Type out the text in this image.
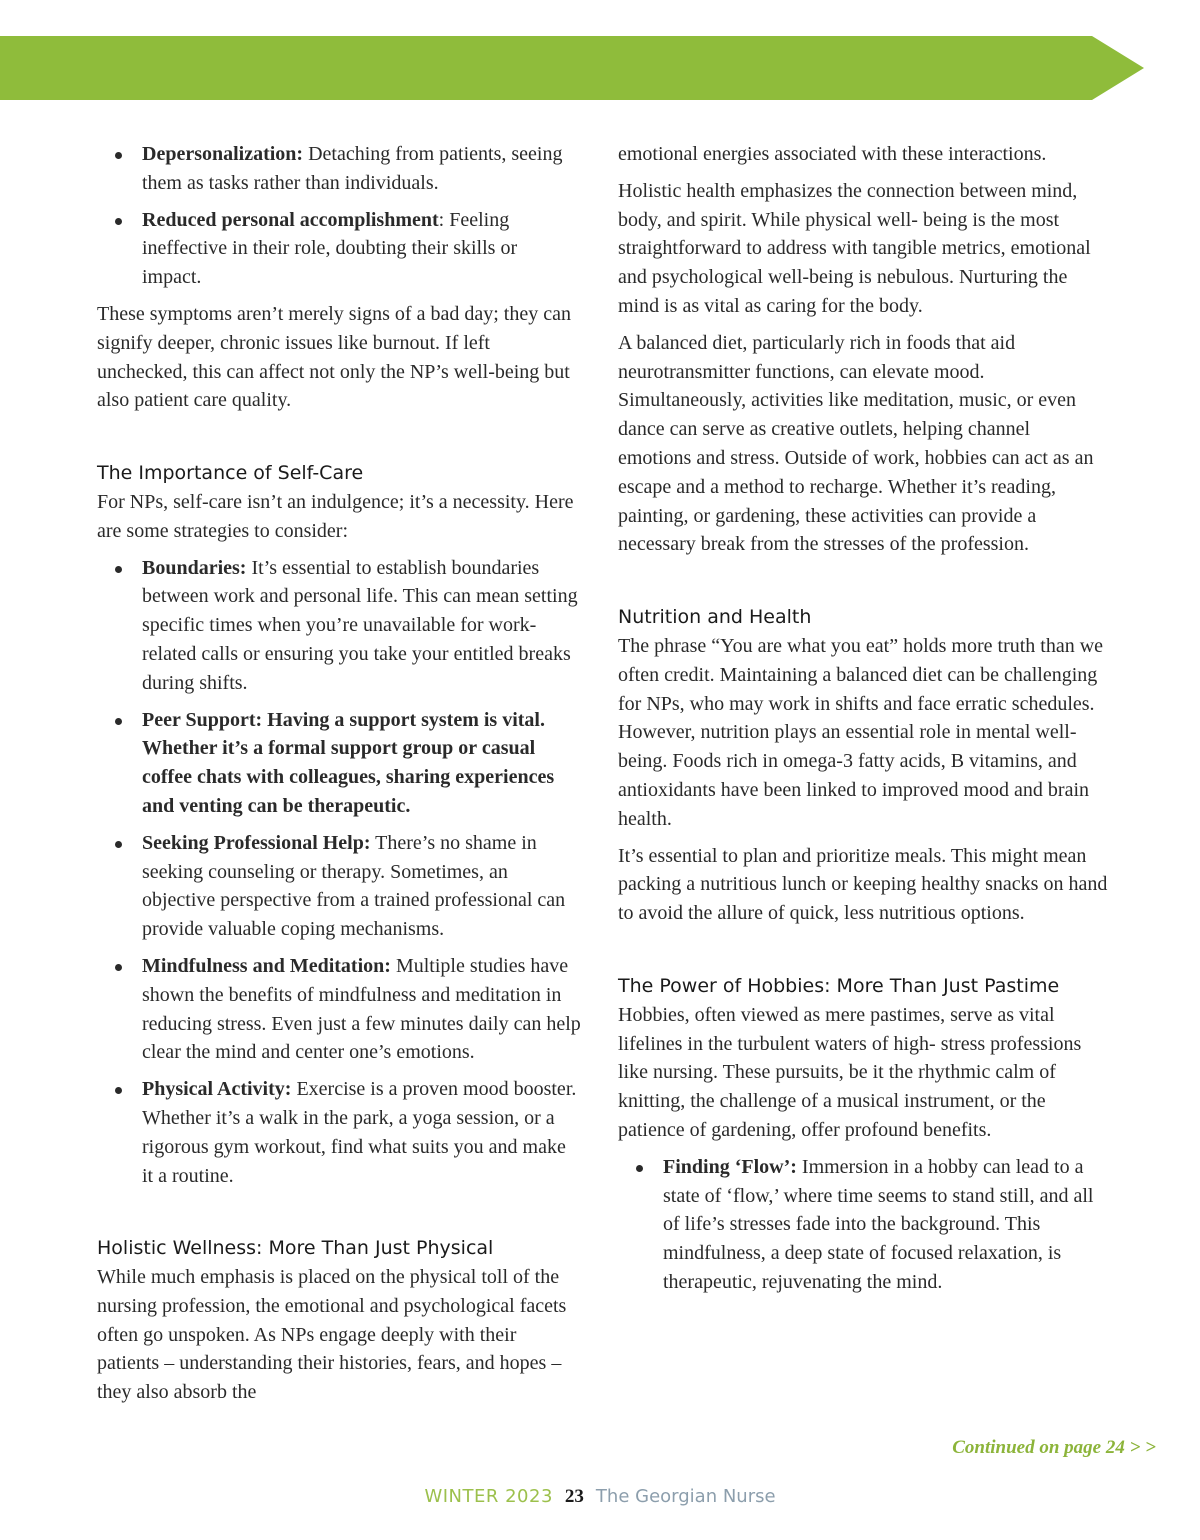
Depersonalization: Detaching from patients, seeing them as tasks rather than individuals.
Reduced personal accomplishment: Feeling ineffective in their role, doubting their skills or impact.

These symptoms aren’t merely signs of a bad day; they can signify deeper, chronic issues like burnout. If left unchecked, this can affect not only the NP’s well-being but also patient care quality.

The Importance of Self-Care

For NPs, self-care isn’t an indulgence; it’s a necessity. Here are some strategies to consider:

Boundaries: It’s essential to establish boundaries between work and personal life. This can mean setting specific times when you’re unavailable for work-related calls or ensuring you take your entitled breaks during shifts.
Peer Support: Having a support system is vital. Whether it’s a formal support group or casual coffee chats with colleagues, sharing experiences and venting can be therapeutic.
Seeking Professional Help: There’s no shame in seeking counseling or therapy. Sometimes, an objective perspective from a trained professional can provide valuable coping mechanisms.
Mindfulness and Meditation: Multiple studies have shown the benefits of mindfulness and meditation in reducing stress. Even just a few minutes daily can help clear the mind and center one’s emotions.
Physical Activity: Exercise is a proven mood booster. Whether it’s a walk in the park, a yoga session, or a rigorous gym workout, find what suits you and make it a routine.
Holistic Wellness: More Than Just Physical

While much emphasis is placed on the physical toll of the nursing profession, the emotional and psychological facets often go unspoken. As NPs engage deeply with their patients – understanding their histories, fears, and hopes – they also absorb the

emotional energies associated with these interactions.

Holistic health emphasizes the connection between mind, body, and spirit. While physical well- being is the most straightforward to address with tangible metrics, emotional and psychological well-being is nebulous. Nurturing the mind is as vital as caring for the body.

A balanced diet, particularly rich in foods that aid neurotransmitter functions, can elevate mood. Simultaneously, activities like meditation, music, or even dance can serve as creative outlets, helping channel emotions and stress. Outside of work, hobbies can act as an escape and a method to recharge. Whether it’s reading, painting, or gardening, these activities can provide a necessary break from the stresses of the profession.

Nutrition and Health

The phrase “You are what you eat” holds more truth than we often credit. Maintaining a balanced diet can be challenging for NPs, who may work in shifts and face erratic schedules. However, nutrition plays an essential role in mental well-being. Foods rich in omega-3 fatty acids, B vitamins, and antioxidants have been linked to improved mood and brain health.

It’s essential to plan and prioritize meals. This might mean packing a nutritious lunch or keeping healthy snacks on hand to avoid the allure of quick, less nutritious options.

The Power of Hobbies: More Than Just Pastime

Hobbies, often viewed as mere pastimes, serve as vital lifelines in the turbulent waters of high- stress professions like nursing. These pursuits, be it the rhythmic calm of knitting, the challenge of a musical instrument, or the patience of gardening, offer profound benefits.

Finding ‘Flow’: Immersion in a hobby can lead to a state of ‘flow,’ where time seems to stand still, and all of life’s stresses fade into the background. This mindfulness, a deep state of focused relaxation, is therapeutic, rejuvenating the mind.
Continued on page 24 > >
WINTER 2023 23 The Georgian Nurse
